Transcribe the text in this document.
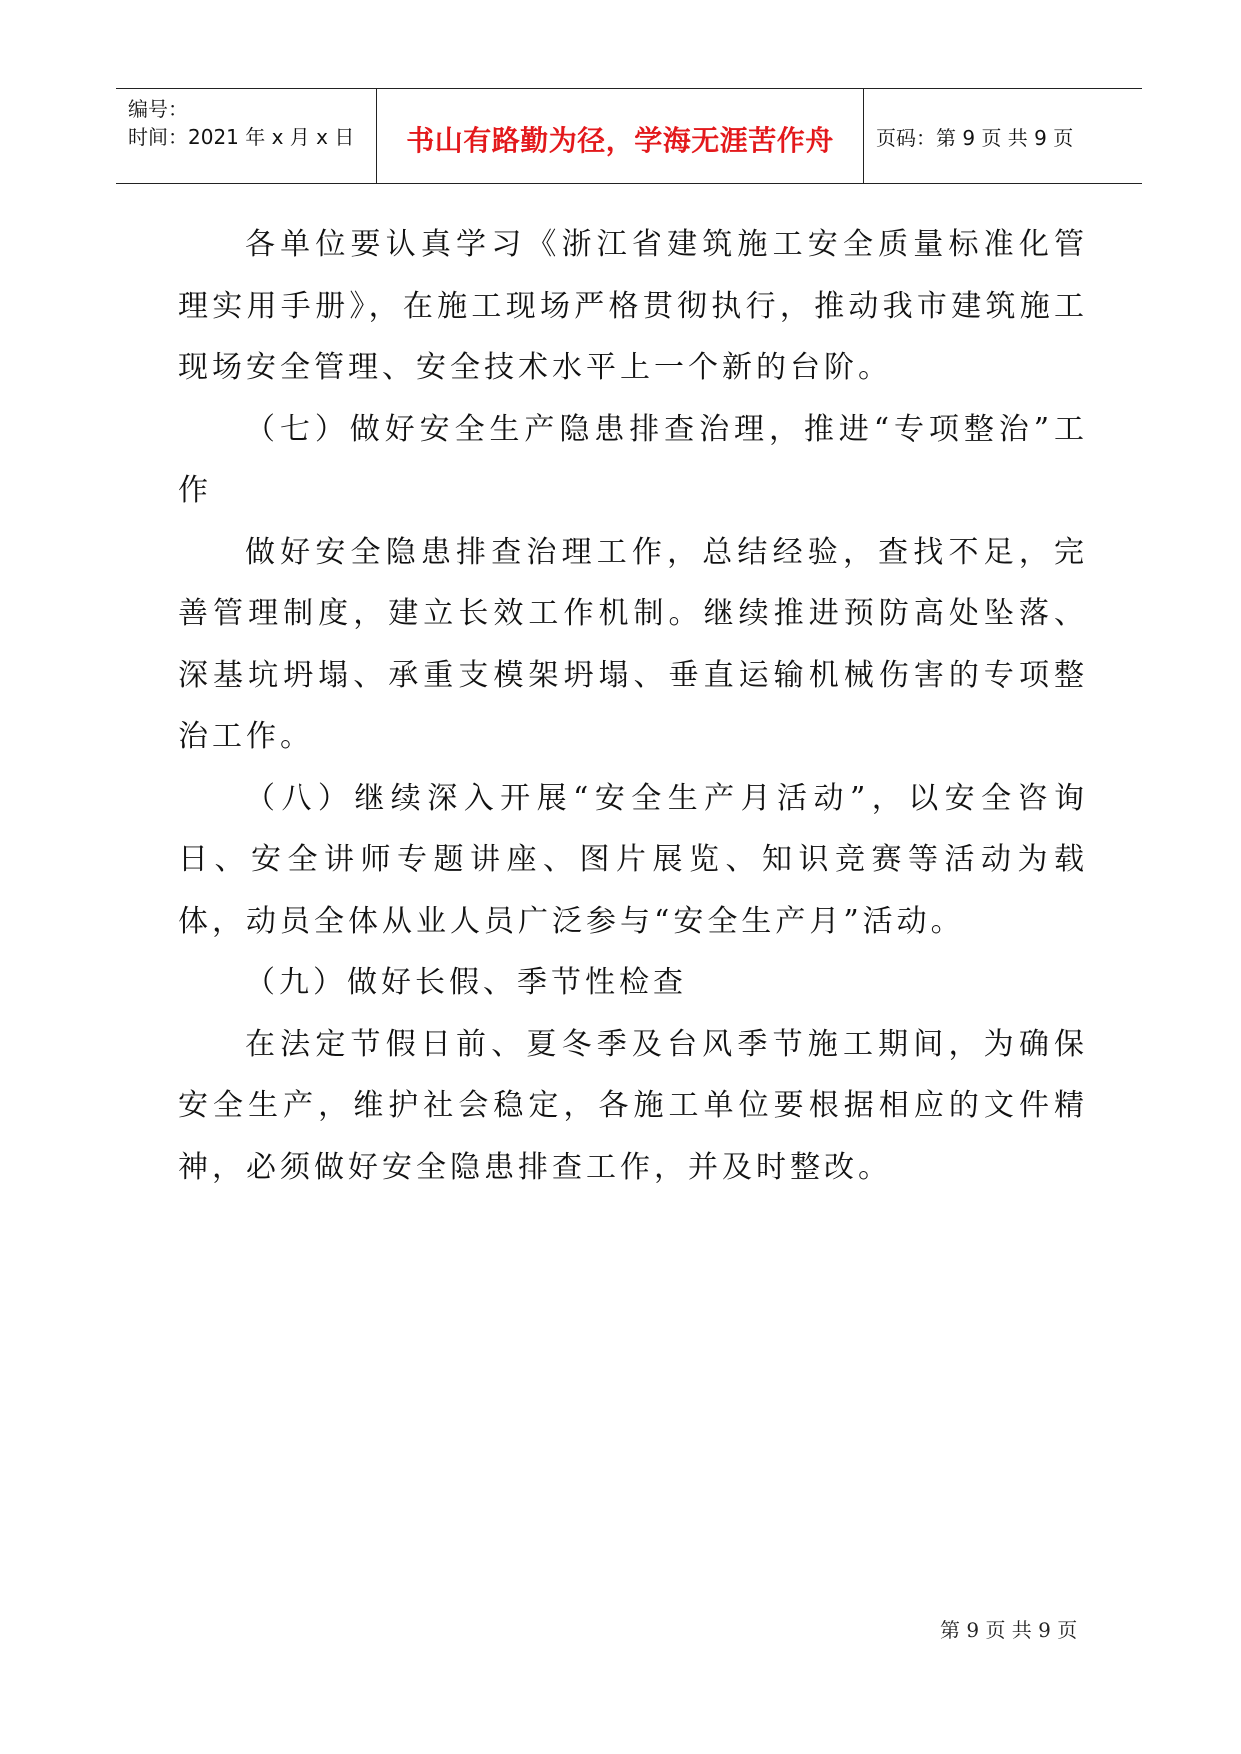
编号：
时间：2021 年 x 月 x 日	书山有路勤为径，学海无涯苦作舟	页码：第 9 页 共 9 页

各单位要认真学习《浙江省建筑施工安全质量标准化管理实用手册》，在施工现场严格贯彻执行，推动我市建筑施工现场安全管理、安全技术水平上一个新的台阶。

（七）做好安全生产隐患排查治理，推进“专项整治”工作

做好安全隐患排查治理工作，总结经验，查找不足，完善管理制度，建立长效工作机制。继续推进预防高处坠落、深基坑坍塌、承重支模架坍塌、垂直运输机械伤害的专项整治工作。

（八）继续深入开展“安全生产月活动”，以安全咨询日、安全讲师专题讲座、图片展览、知识竞赛等活动为载体，动员全体从业人员广泛参与“安全生产月”活动。

（九）做好长假、季节性检查

在法定节假日前、夏冬季及台风季节施工期间，为确保安全生产，维护社会稳定，各施工单位要根据相应的文件精神，必须做好安全隐患排查工作，并及时整改。

第 9 页 共 9 页
